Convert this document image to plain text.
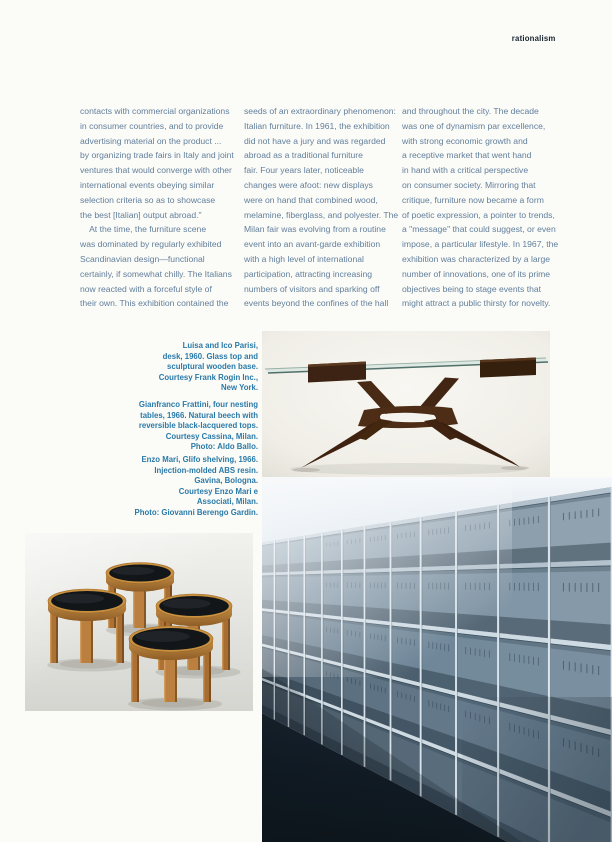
rationalism
contacts with commercial organizations
in consumer countries, and to provide
advertising material on the product ...
by organizing trade fairs in Italy and joint
ventures that would converge with other
international events obeying similar
selection criteria so as to showcase
the best [Italian] output abroad."
At the time, the furniture scene
was dominated by regularly exhibited
Scandinavian design—functional
certainly, if somewhat chilly. The Italians
now reacted with a forceful style of
their own. This exhibition contained the
seeds of an extraordinary phenomenon:
Italian furniture. In 1961, the exhibition
did not have a jury and was regarded
abroad as a traditional furniture
fair. Four years later, noticeable
changes were afoot: new displays
were on hand that combined wood,
melamine, fiberglass, and polyester. The
Milan fair was evolving from a routine
event into an avant-garde exhibition
with a high level of international
participation, attracting increasing
numbers of visitors and sparking off
events beyond the confines of the hall
and throughout the city. The decade
was one of dynamism par excellence,
with strong economic growth and
a receptive market that went hand
in hand with a critical perspective
on consumer society. Mirroring that
critique, furniture now became a form
of poetic expression, a pointer to trends,
a "message" that could suggest, or even
impose, a particular lifestyle. In 1967, the
exhibition was characterized by a large
number of innovations, one of its prime
objectives being to stage events that
might attract a public thirsty for novelty.
Luisa and Ico Parisi,
desk, 1960. Glass top and
sculptural wooden base.
Courtesy Frank Rogin Inc.,
New York.
Gianfranco Frattini, four nesting
tables, 1966. Natural beech with
reversible black-lacquered tops.
Courtesy Cassina, Milan.
Photo: Aldo Ballo.
Enzo Mari, Glifo shelving, 1966.
Injection-molded ABS resin.
Gavina, Bologna.
Courtesy Enzo Mari e
Associati, Milan.
Photo: Giovanni Berengo Gardin.
